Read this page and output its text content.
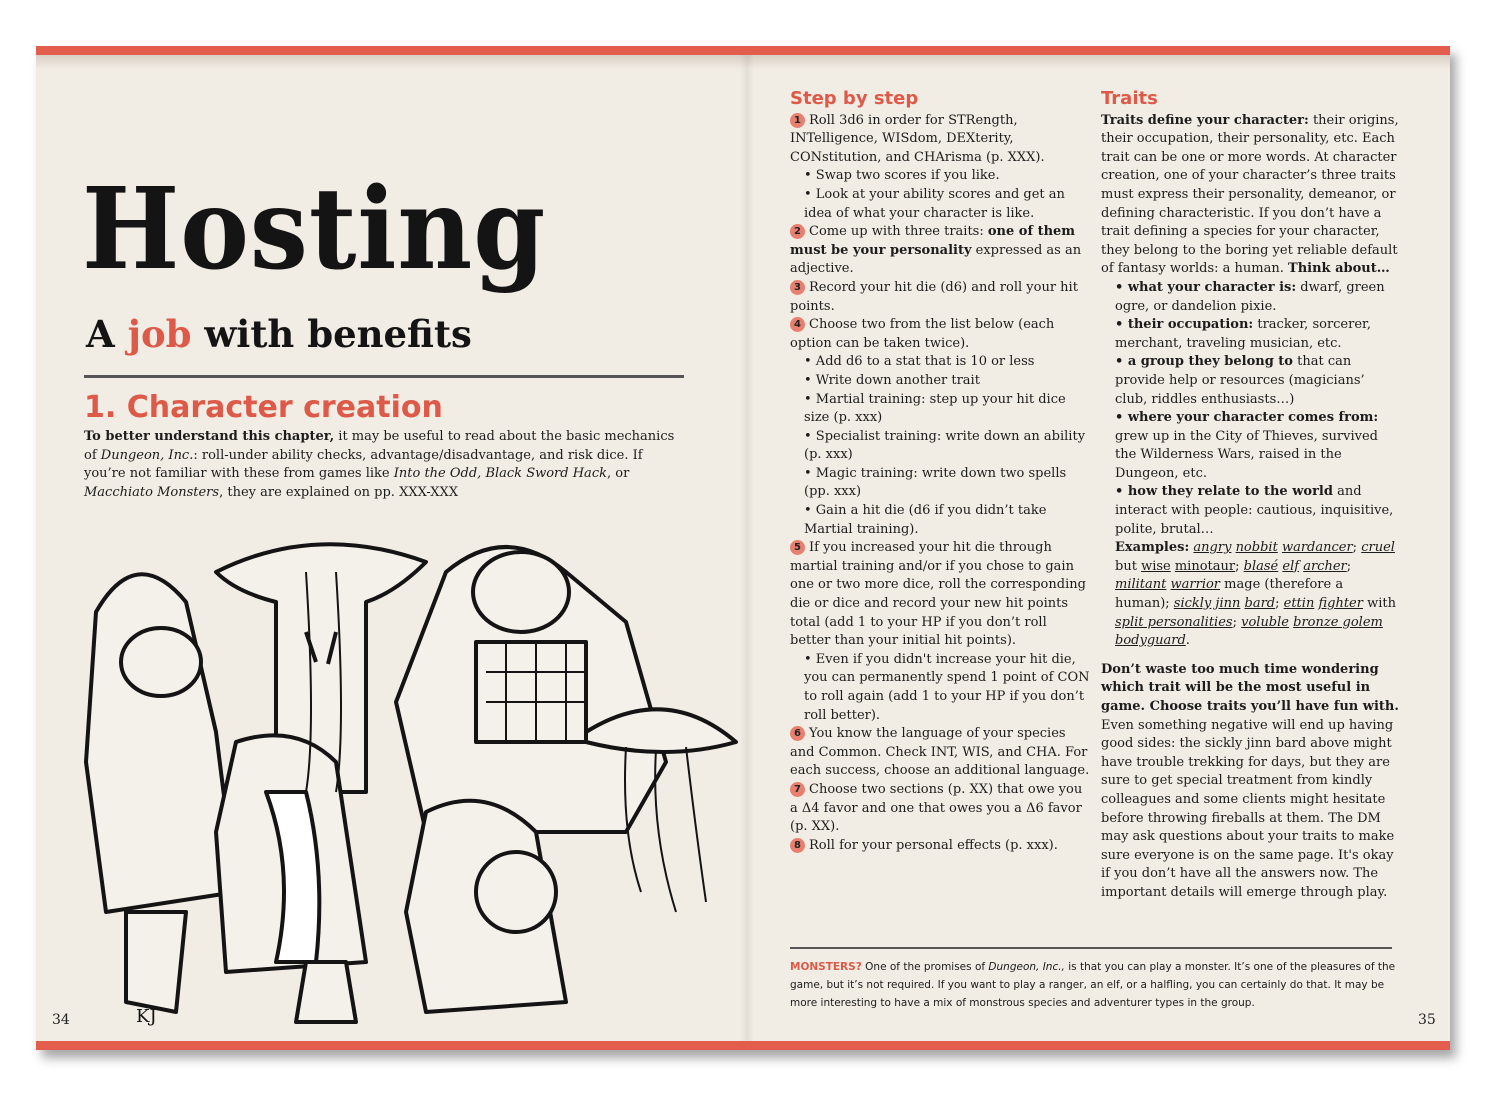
Hosting
A job with benefits
1. Character creation
To better understand this chapter, it may be useful to read about the basic mechanics of Dungeon, Inc.: roll-under ability checks, advantage/disadvantage, and risk dice. If you’re not familiar with these from games like Into the Odd, Black Sword Hack, or Macchiato Monsters, they are explained on pp. XXX-XXX
KJ
34
Step by step

1 Roll 3d6 in order for STRength, INTelligence, WISdom, DEXterity, CONstitution, and CHArisma (p. XXX).

• Swap two scores if you like.

• Look at your ability scores and get an idea of what your character is like.

2 Come up with three traits: one of them must be your personality expressed as an adjective.

3 Record your hit die (d6) and roll your hit points.

4 Choose two from the list below (each option can be taken twice).

• Add d6 to a stat that is 10 or less

• Write down another trait

• Martial training: step up your hit dice size (p. xxx)

• Specialist training: write down an ability (p. xxx)

• Magic training: write down two spells (pp. xxx)

• Gain a hit die (d6 if you didn’t take Martial training).

5 If you increased your hit die through martial training and/or if you chose to gain one or two more dice, roll the corresponding die or dice and record your new hit points total (add 1 to your HP if you don’t roll better than your initial hit points).

• Even if you didn't increase your hit die, you can permanently spend 1 point of CON to roll again (add 1 to your HP if you don’t roll better).

6 You know the language of your species and Common. Check INT, WIS, and CHA. For each success, choose an additional language.

7 Choose two sections (p. XX) that owe you a Δ4 favor and one that owes you a Δ6 favor (p. XX).

8 Roll for your personal effects (p. xxx).

Traits

Traits define your character: their origins, their occupation, their personality, etc. Each trait can be one or more words. At character creation, one of your character’s three traits must express their personality, demeanor, or defining characteristic. If you don’t have a trait defining a species for your character, they belong to the boring yet reliable default of fantasy worlds: a human. Think about…

• what your character is: dwarf, green ogre, or dandelion pixie.

• their occupation: tracker, sorcerer, merchant, traveling musician, etc.

• a group they belong to that can provide help or resources (magicians’ club, riddles enthusiasts…)

• where your character comes from: grew up in the City of Thieves, survived the Wilderness Wars, raised in the Dungeon, etc.

• how they relate to the world and interact with people: cautious, inquisitive, polite, brutal…

Examples: angry nobbit wardancer; cruel but wise minotaur; blasé elf archer; militant warrior mage (therefore a human); sickly jinn bard; ettin fighter with split personalities; voluble bronze golem bodyguard.

Don’t waste too much time wondering which trait will be the most useful in game. Choose traits you’ll have fun with. Even something negative will end up having good sides: the sickly jinn bard above might have trouble trekking for days, but they are sure to get special treatment from kindly colleagues and some clients might hesitate before throwing fireballs at them. The DM may ask questions about your traits to make sure everyone is on the same page. It's okay if you don’t have all the answers now. The important details will emerge through play.

MONSTERS? One of the promises of Dungeon, Inc., is that you can play a monster. It’s one of the pleasures of the game, but it’s not required. If you want to play a ranger, an elf, or a halfling, you can certainly do that. It may be more interesting to have a mix of monstrous species and adventurer types in the group.
35
